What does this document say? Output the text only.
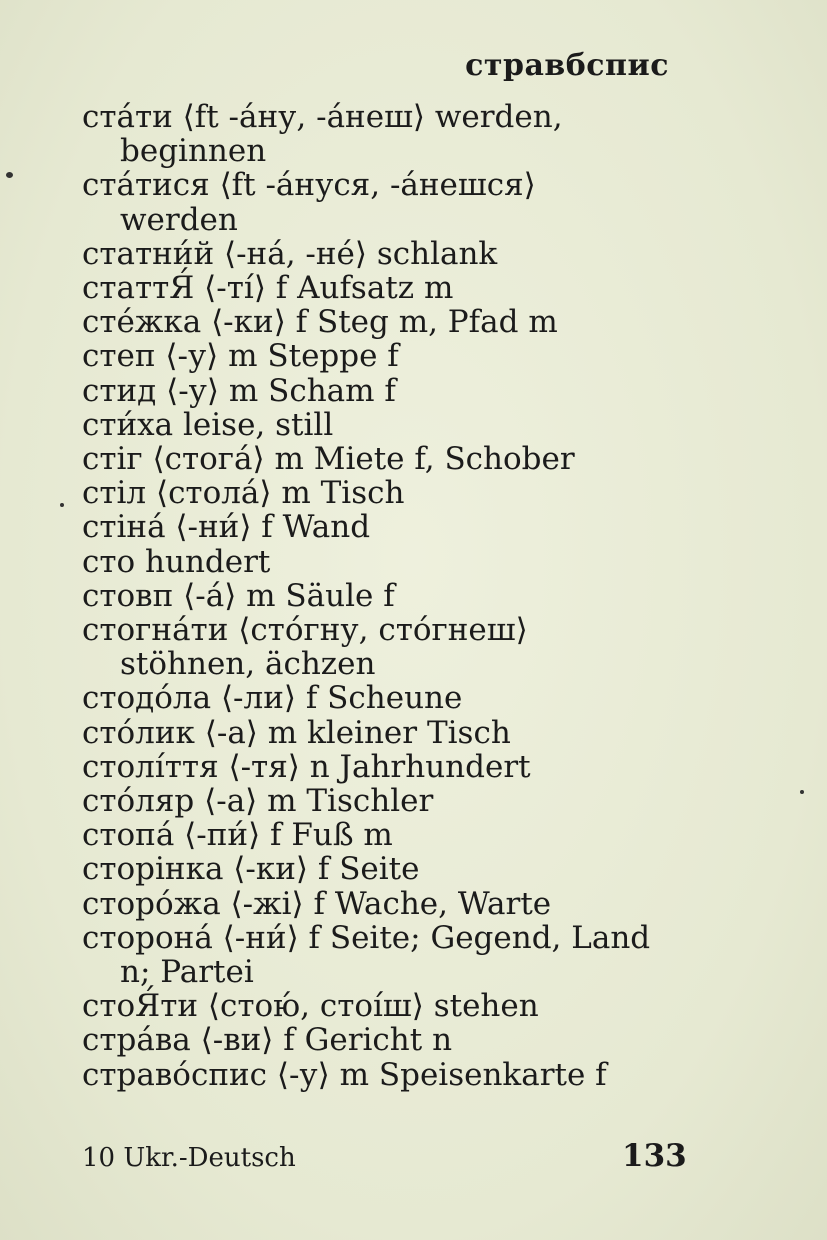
стравбспис
стáти ⟨ft -áну, -áнеш⟩ werden,
beginnen
стáтися ⟨ft -áнуся, -áнешся⟩
werden
статни́й ⟨-нá, -нé⟩ schlank
статтЯ́ ⟨-тí⟩ f Aufsatz m
стéжка ⟨-ки⟩ f Steg m, Pfad m
степ ⟨-у⟩ m Steppe f
стид ⟨-у⟩ m Scham f
сти́ха leise, still
стiг ⟨стогá⟩ m Miete f, Schober
стiл ⟨столá⟩ m Tisch
стiнá ⟨-ни́⟩ f Wand
сто hundert
стовп ⟨-á⟩ m Säule f
стогнáти ⟨стóгну, стóгнеш⟩
stöhnen, ächzen
стодóла ⟨-ли⟩ f Scheune
стóлик ⟨-а⟩ m kleiner Tisch
столíття ⟨-тя⟩ n Jahrhundert
стóляр ⟨-а⟩ m Tischler
стопá ⟨-пи́⟩ f Fuß m
сторiнка ⟨-ки⟩ f Seite
сторóжа ⟨-жi⟩ f Wache, Warte
сторонá ⟨-ни́⟩ f Seite; Gegend, Land
n; Partei
стоЯ́ти ⟨стою́, стоі́ш⟩ stehen
стрáва ⟨-ви⟩ f Gericht n
стравóспис ⟨-у⟩ m Speisenkarte f
10 Ukr.-Deutsch	133
